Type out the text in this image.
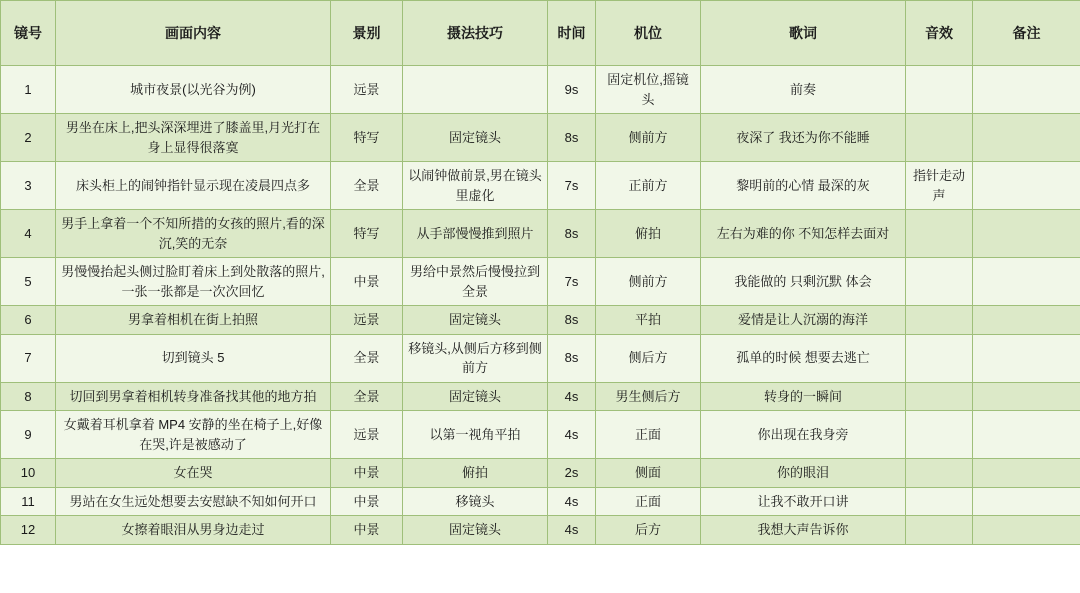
镜号	画面内容	景别	摄法技巧	时间	机位	歌词	音效	备注
1	城市夜景(以光谷为例)	远景		9s	固定机位,摇镜头	前奏		
2	男坐在床上,把头深深埋进了膝盖里,月光打在身上显得很落寞	特写	固定镜头	8s	侧前方	夜深了 我还为你不能睡		
3	床头柜上的闹钟指针显示现在凌晨四点多	全景	以闹钟做前景,男在镜头里虚化	7s	正前方	黎明前的心情 最深的灰	指针走动声	
4	男手上拿着一个不知所措的女孩的照片,看的深沉,笑的无奈	特写	从手部慢慢推到照片	8s	俯拍	左右为难的你 不知怎样去面对		
5	男慢慢抬起头侧过脸盯着床上到处散落的照片,一张一张都是一次次回忆	中景	男给中景然后慢慢拉到全景	7s	侧前方	我能做的 只剩沉默 体会		
6	男拿着相机在街上拍照	远景	固定镜头	8s	平拍	爱情是让人沉溺的海洋		
7	切到镜头 5	全景	移镜头,从侧后方移到侧前方	8s	侧后方	孤单的时候 想要去逃亡		
8	切回到男拿着相机转身准备找其他的地方拍	全景	固定镜头	4s	男生侧后方	转身的一瞬间		
9	女戴着耳机拿着 MP4 安静的坐在椅子上,好像在哭,许是被感动了	远景	以第一视角平拍	4s	正面	你出现在我身旁		
10	女在哭	中景	俯拍	2s	侧面	你的眼泪		
11	男站在女生远处想要去安慰缺不知如何开口	中景	移镜头	4s	正面	让我不敢开口讲		
12	女擦着眼泪从男身边走过	中景	固定镜头	4s	后方	我想大声告诉你		
